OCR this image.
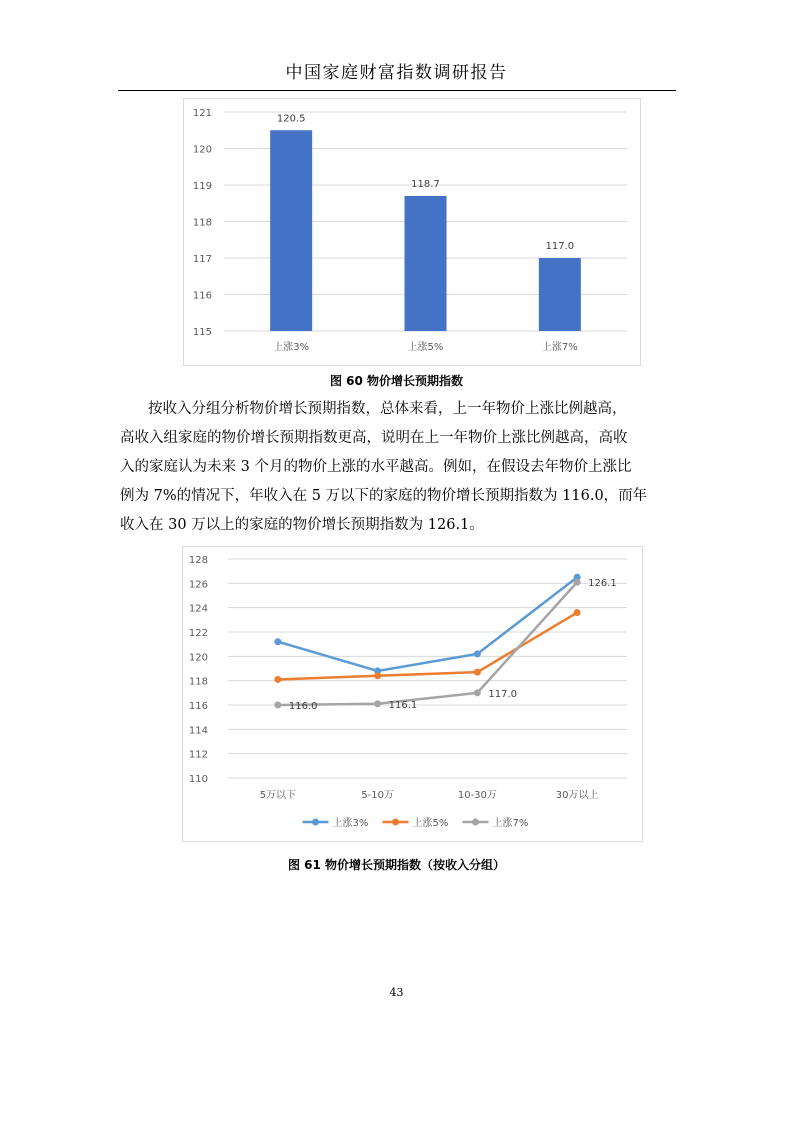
中国家庭财富指数调研报告
115
116
117
118
119
120
121	120.5
上涨3%
118.7
上涨5%
117.0
上涨7%
图 60 物价增长预期指数
按收入分组分析物价增长预期指数，总体来看，上一年物价上涨比例越高，
高收入组家庭的物价增长预期指数更高，说明在上一年物价上涨比例越高，高收
入的家庭认为未来 3 个月的物价上涨的水平越高。例如，在假设去年物价上涨比
例为 7%的情况下，年收入在 5 万以下的家庭的物价增长预期指数为 116.0，而年
收入在 30 万以上的家庭的物价增长预期指数为 126.1。
110
112
114
116
118
120
122
124
126
128
5万以下	5-10万	10-30万	30万以上
116.0	116.1
117.0
126.1
上涨3%	上涨5%	上涨7%
图 61 物价增长预期指数（按收入分组）
43
